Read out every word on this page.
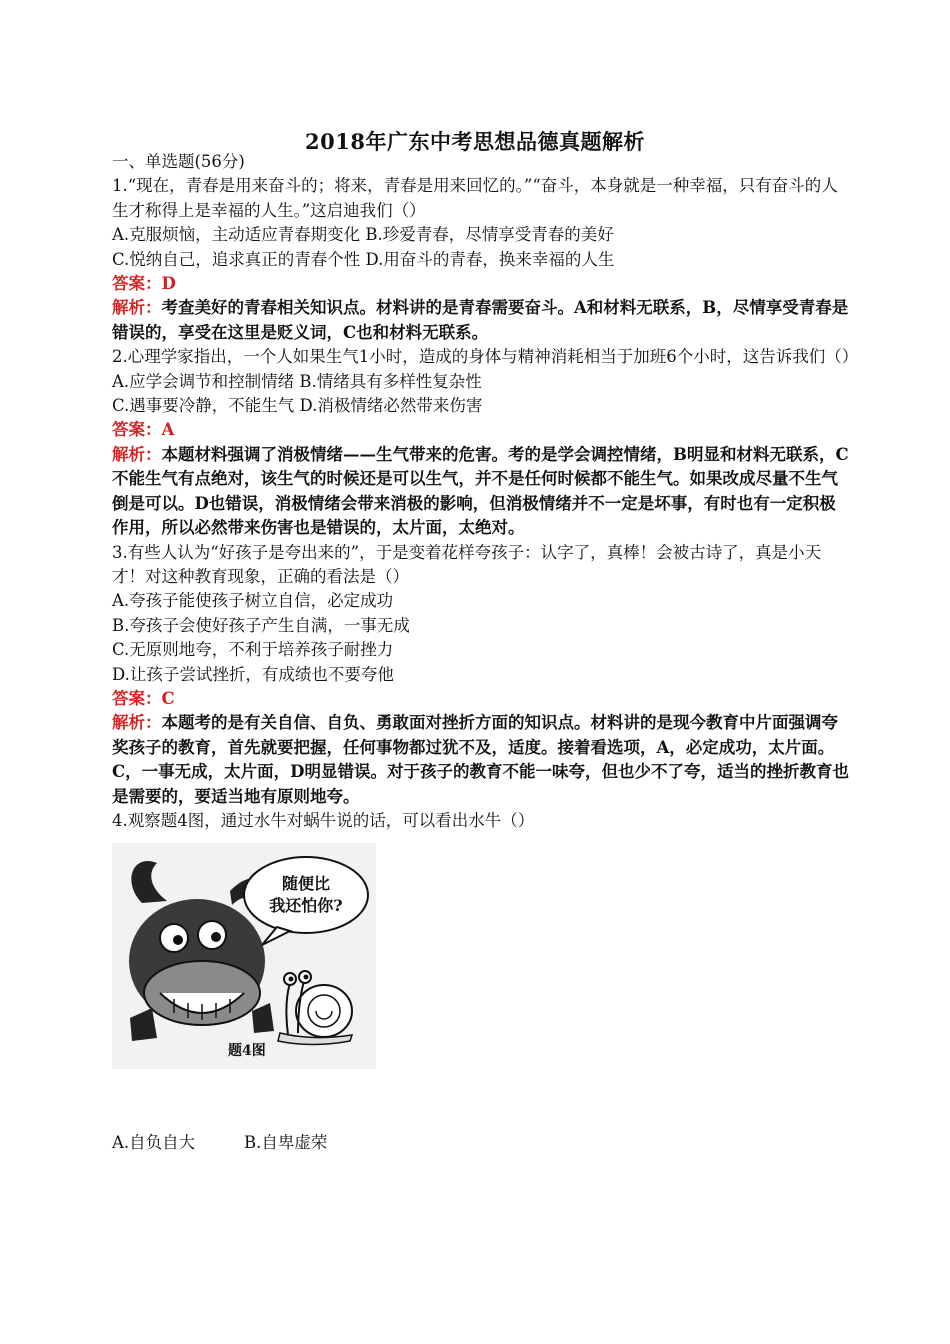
2018年广东中考思想品德真题解析

一、单选题(56分)

1.“现在，青春是用来奋斗的；将来，青春是用来回忆的。”“奋斗，本身就是一种幸福，只有奋斗的人生才称得上是幸福的人生。”这启迪我们（）

A.克服烦恼，主动适应青春期变化 B.珍爱青春，尽情享受青春的美好

C.悦纳自己，追求真正的青春个性 D.用奋斗的青春，换来幸福的人生

答案：D

解析：考查美好的青春相关知识点。材料讲的是青春需要奋斗。A和材料无联系，B，尽情享受青春是错误的，享受在这里是贬义词，C也和材料无联系。

2.心理学家指出，一个人如果生气1小时，造成的身体与精神消耗相当于加班6个小时，这告诉我们（）

A.应学会调节和控制情绪 B.情绪具有多样性复杂性

C.遇事要冷静，不能生气 D.消极情绪必然带来伤害

答案：A

解析：本题材料强调了消极情绪——生气带来的危害。考的是学会调控情绪，B明显和材料无联系，C不能生气有点绝对，该生气的时候还是可以生气，并不是任何时候都不能生气。如果改成尽量不生气倒是可以。D也错误，消极情绪会带来消极的影响，但消极情绪并不一定是坏事，有时也有一定积极作用，所以必然带来伤害也是错误的，太片面，太绝对。

3.有些人认为“好孩子是夸出来的”，于是变着花样夸孩子：认字了，真棒！会被古诗了，真是小天才！对这种教育现象，正确的看法是（）

A.夸孩子能使孩子树立自信，必定成功

B.夸孩子会使好孩子产生自满，一事无成

C.无原则地夸，不利于培养孩子耐挫力

D.让孩子尝试挫折，有成绩也不要夸他

答案：C

解析：本题考的是有关自信、自负、勇敢面对挫折方面的知识点。材料讲的是现今教育中片面强调夸奖孩子的教育，首先就要把握，任何事物都过犹不及，适度。接着看选项，A，必定成功，太片面。C，一事无成，太片面，D明显错误。对于孩子的教育不能一味夸，但也少不了夸，适当的挫折教育也是需要的，要适当地有原则地夸。

4.观察题4图，通过水牛对蜗牛说的话，可以看出水牛（）

随便比
我还怕你?
题4图

A.自负自大	B.自卑虚荣
